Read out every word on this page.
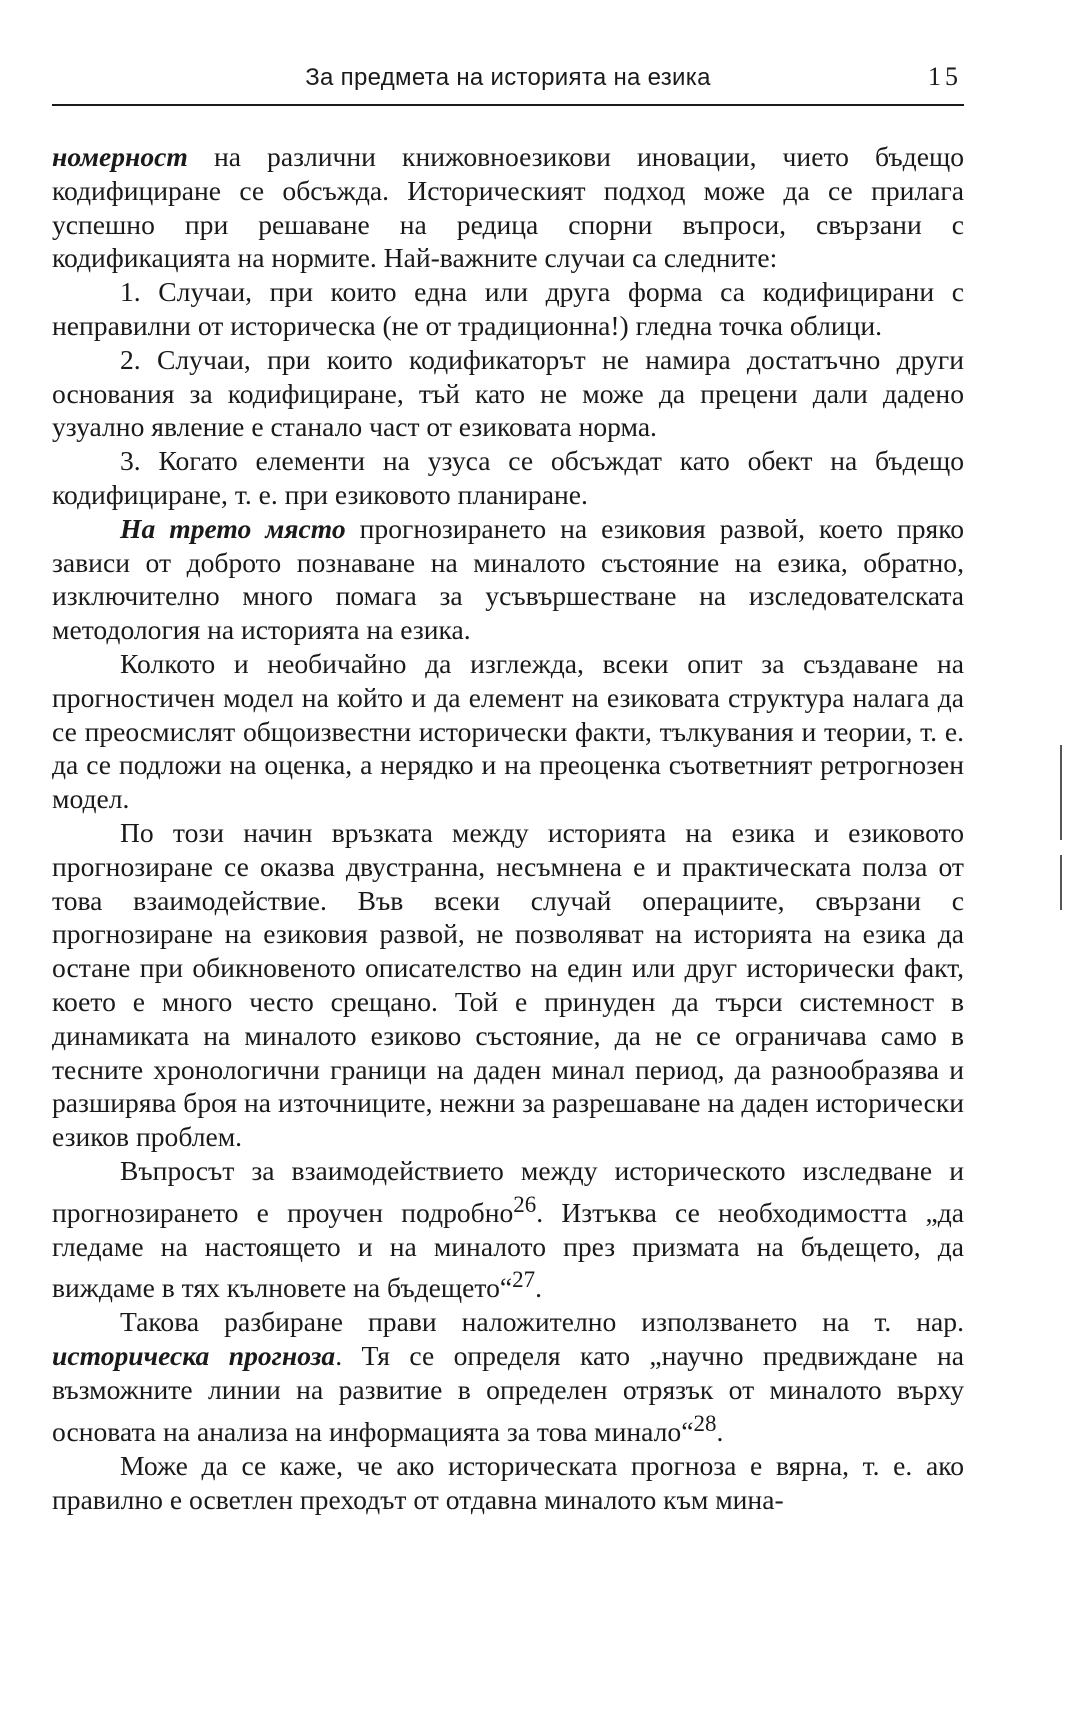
За предмета на историята на езика	15

номерност на различни книжовноезикови иновации, чието бъдещо кодифициране се обсъжда. Историческият подход може да се прилага успешно при решаване на редица спорни въпроси, свързани с кодификацията на нормите. Най-важните случаи са следните:

1. Случаи, при които една или друга форма са кодифицирани с неправилни от историческа (не от традиционна!) гледна точка облици.

2. Случаи, при които кодификаторът не намира достатъчно други основания за кодифициране, тъй като не може да прецени дали дадено узуално явление е станало част от езиковата норма.

3. Когато елементи на узуса се обсъждат като обект на бъдещо кодифициране, т. е. при езиковото планиране.

На трето място прогнозирането на езиковия развой, което пряко зависи от доброто познаване на миналото състояние на езика, обратно, изключително много помага за усъвършестване на изследователската методология на историята на езика.

Колкото и необичайно да изглежда, всеки опит за създаване на прогностичен модел на който и да елемент на езиковата структура налага да се преосмислят общоизвестни исторически факти, тълкувания и теории, т. е. да се подложи на оценка, а нерядко и на преоценка съответният ретрогнозен модел.

По този начин връзката между историята на езика и езиковото прогнозиране се оказва двустранна, несъмнена е и практическата полза от това взаимодействие. Във всеки случай операциите, свързани с прогнозиране на езиковия развой, не позволяват на историята на езика да остане при обикновеното описателство на един или друг исторически факт, което е много често срещано. Той е принуден да търси системност в динамиката на миналото езиково състояние, да не се ограничава само в тесните хронологични граници на даден минал период, да разнообразява и разширява броя на източниците, нежни за разрешаване на даден исторически езиков проблем.

Въпросът за взаимодействието между историческото изследване и прогнозирането е проучен подробно$^{26}$. Изтъква се необходимостта „да гледаме на настоящето и на миналото през призмата на бъдещето, да виждаме в тях кълновете на бъдещето“$^{27}$.

Такова разбиране прави наложително използването на т. нар. историческа прогноза. Тя се определя като „научно предвиждане на възможните линии на развитие в определен отрязък от миналото върху основата на анализа на информацията за това минало“$^{28}$.

Може да се каже, че ако историческата прогноза е вярна, т. е. ако правилно е осветлен преходът от отдавна миналото към мина-
